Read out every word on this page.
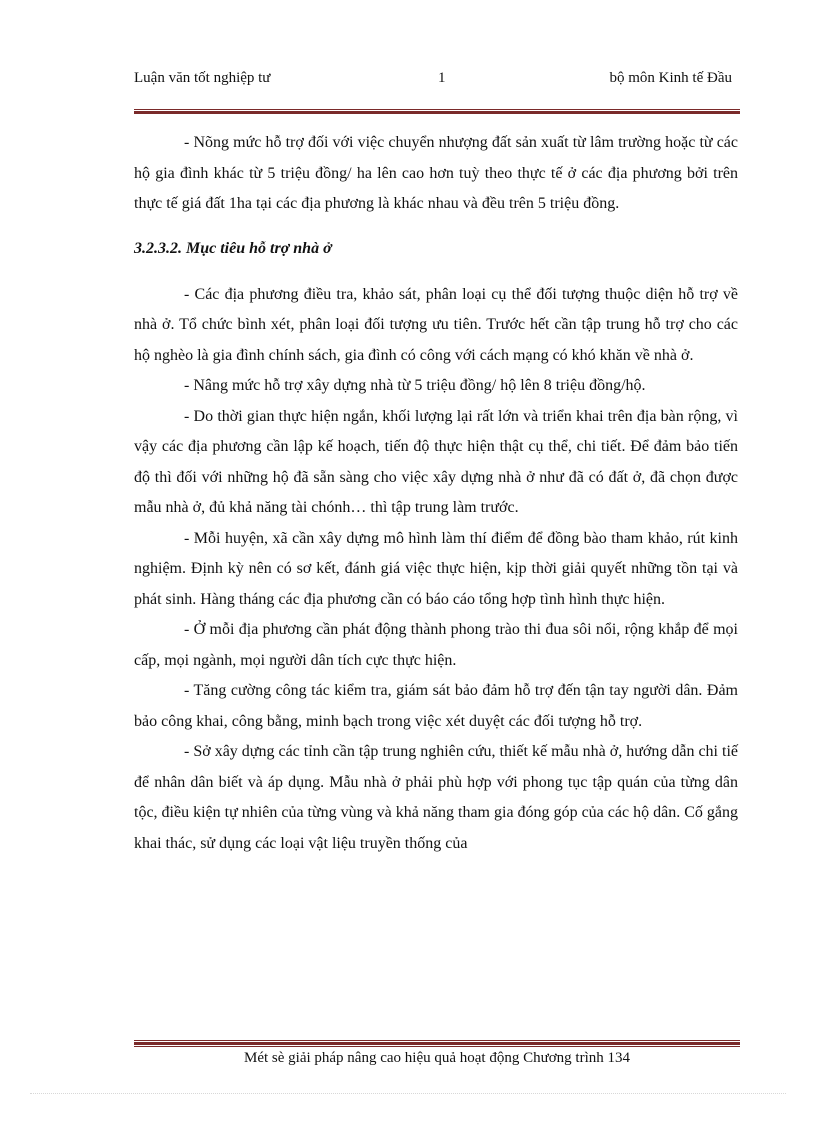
Luận văn tốt nghiệp tư	1	bộ môn Kinh tế Đầu

- Nõng mức hỗ trợ đối với việc chuyển nhượng đất sản xuất từ lâm trường hoặc từ các hộ gia đình khác từ 5 triệu đồng/ ha lên cao hơn tuỳ theo thực tế ở các địa phương bởi trên thực tế giá đất 1ha tại các địa phương là khác nhau và đều trên 5 triệu đồng.

3.2.3.2. Mục tiêu hỗ trợ nhà ở

- Các địa phương điều tra, khảo sát, phân loại cụ thể đối tượng thuộc diện hỗ trợ về nhà ở. Tổ chức bình xét, phân loại đối tượng ưu tiên. Trước hết cần tập trung hỗ trợ cho các hộ nghèo là gia đình chính sách, gia đình có công với cách mạng có khó khăn về nhà ở.

- Nâng mức hỗ trợ xây dựng nhà từ 5 triệu đồng/ hộ lên 8 triệu đồng/hộ.

- Do thời gian thực hiện ngắn, khối lượng lại rất lớn và triển khai trên địa bàn rộng, vì vậy các địa phương cần lập kế hoạch, tiến độ thực hiện thật cụ thể, chi tiết. Để đảm bảo tiến độ thì đối với những hộ đã sẵn sàng cho việc xây dựng nhà ở như đã có đất ở, đã chọn được mẫu nhà ở, đủ khả năng tài chónh… thì tập trung làm trước.

- Mỗi huyện, xã cần xây dựng mô hình làm thí điểm để đồng bào tham khảo, rút kinh nghiệm. Định kỳ nên có sơ kết, đánh giá việc thực hiện, kịp thời giải quyết những tồn tại và phát sinh. Hàng tháng các địa phương cần có báo cáo tổng hợp tình hình thực hiện.

- Ở mỗi địa phương cần phát động thành phong trào thi đua sôi nổi, rộng khắp để mọi cấp, mọi ngành, mọi người dân tích cực thực hiện.

- Tăng cường công tác kiểm tra, giám sát bảo đảm hỗ trợ đến tận tay người dân. Đảm bảo công khai, công bằng, minh bạch trong việc xét duyệt các đối tượng hỗ trợ.

- Sở xây dựng các tỉnh cần tập trung nghiên cứu, thiết kế mẫu nhà ở, hướng dẫn chi tiế để nhân dân biết và áp dụng. Mẫu nhà ở phải phù hợp với phong tục tập quán của từng dân tộc, điều kiện tự nhiên của từng vùng và khả năng tham gia đóng góp của các hộ dân. Cố gắng khai thác, sử dụng các loại vật liệu truyền thống của

Mét sè giải pháp nâng cao hiệu quả hoạt động Chương trình 134
